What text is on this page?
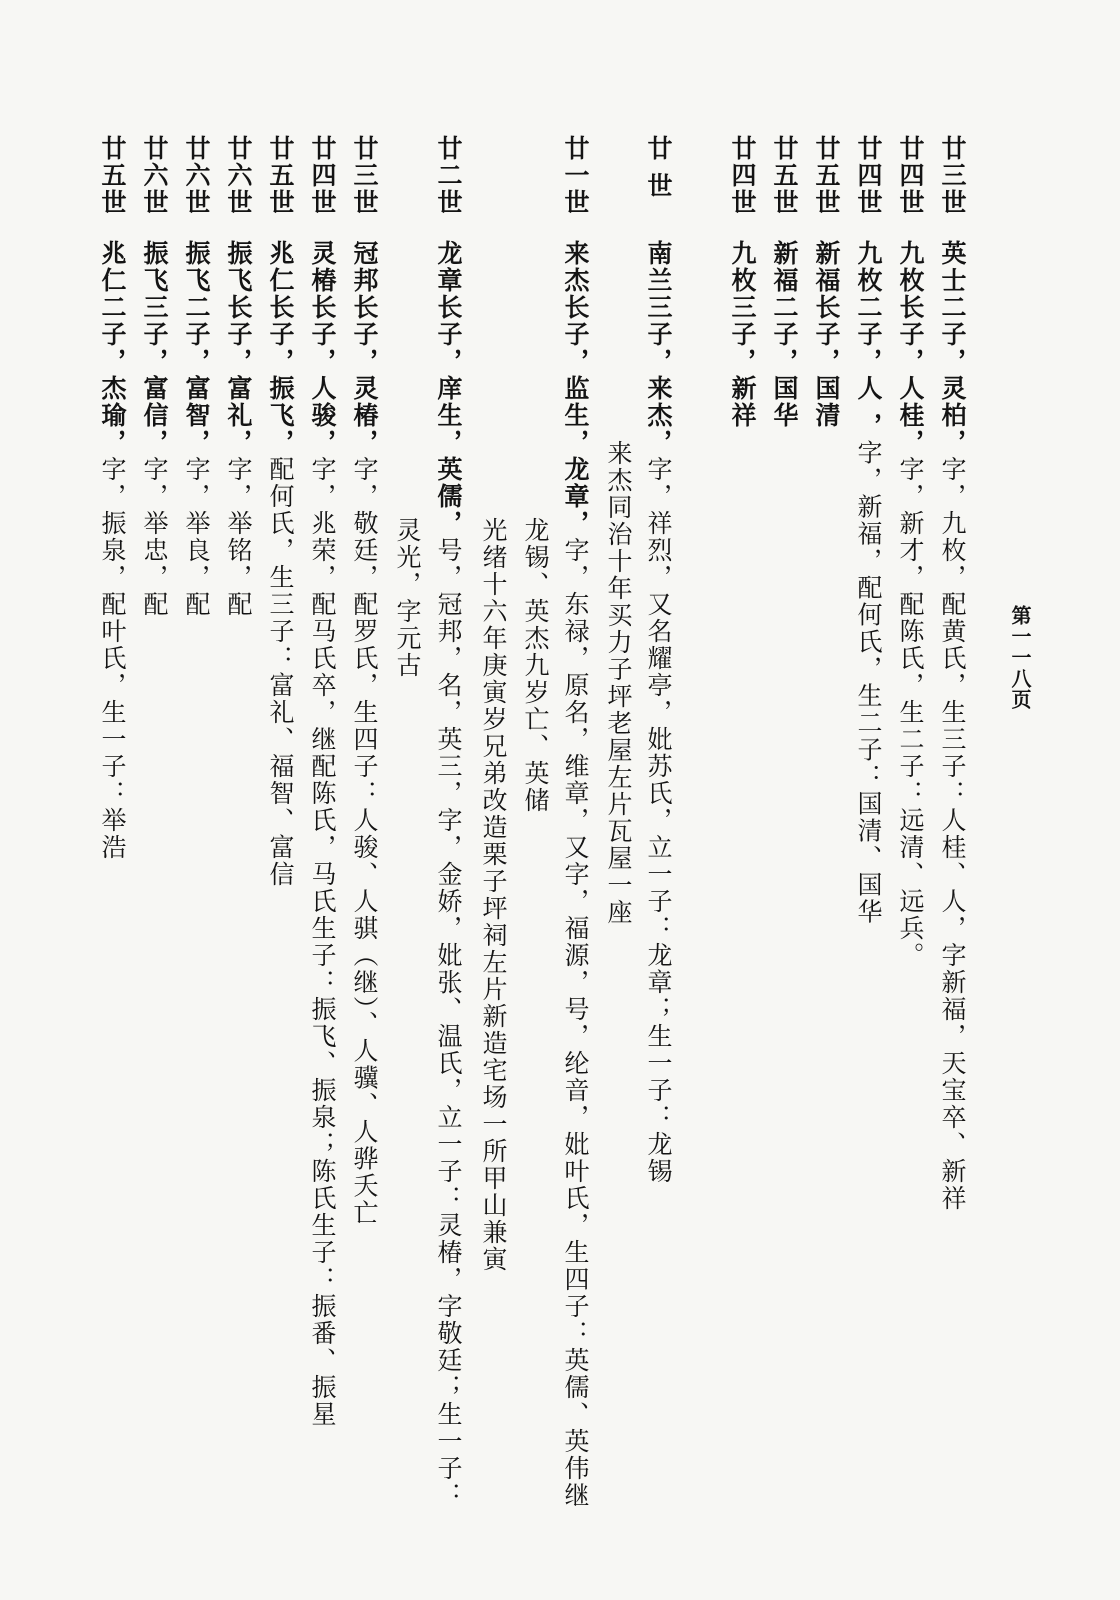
第一一八页
廿三世
英士二子，灵柏，字，九枚，配黄氏，生三子：人桂、人，字新福，天宝卒、新祥
廿四世
九枚长子，人桂，字，新才，配陈氏，生二子：远清、远兵。
廿四世
九枚二子，人 ，字，新福，配何氏，生二子：国清、国华
廿五世
新福长子，国清
廿五世
新福二子，国华
廿四世
九枚三子，新祥
廿 世
南兰三子，来杰，字，祥烈，又名耀亭，妣苏氏，立一子：龙章；生一子：龙锡
来杰同治十年买力子坪老屋左片瓦屋一座
廿一世
来杰长子，监生，龙章，字，东禄，原名，维章，又字，福源，号，纶音，妣叶氏，生四子：英儒、英伟继
龙锡、英杰九岁亡、英储
光绪十六年庚寅岁兄弟改造栗子坪祠左片新造宅场一所甲山兼寅
廿二世
龙章长子，庠生，英儒，号，冠邦，名，英三，字，金娇，妣张、温氏，立一子：灵椿，字敬廷；生一子：
灵光，字元古
廿三世
冠邦长子，灵椿，字，敬廷，配罗氏，生四子：人骏、人骐（继）、人骥、人骅夭亡
廿四世
灵椿长子，人骏，字，兆荣，配马氏卒，继配陈氏，马氏生子：振飞、振泉；陈氏生子：振番、振星
廿五世
兆仁长子，振飞，配何氏，生三子：富礼、福智、富信
廿六世
振飞长子，富礼，字，举铭，配
廿六世
振飞二子，富智，字，举良，配
廿六世
振飞三子，富信，字，举忠，配
廿五世
兆仁二子，杰瑜，字，振泉，配叶氏，生一子：举浩
